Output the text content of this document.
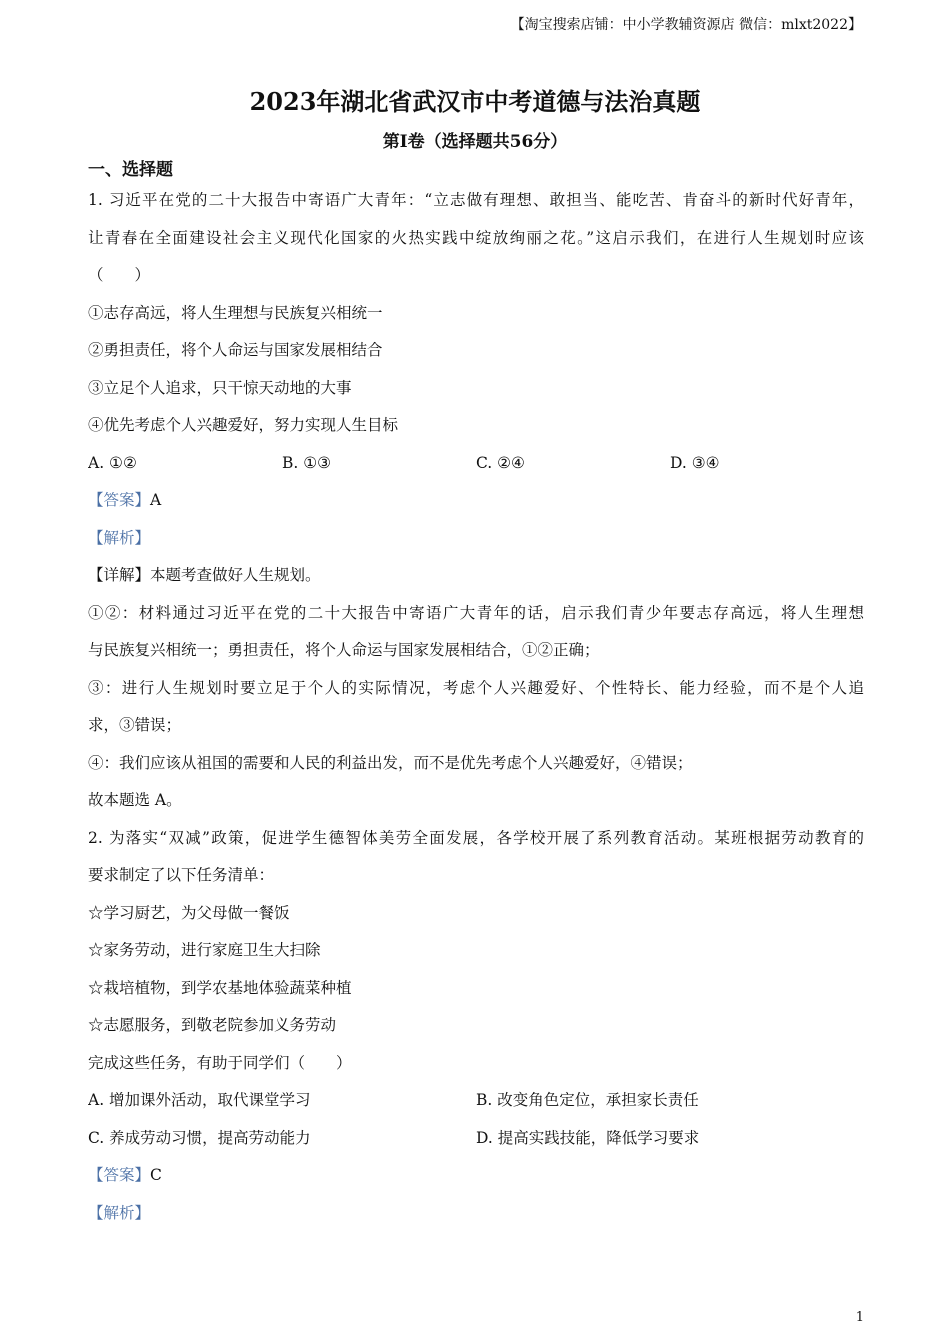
【淘宝搜索店铺：中小学教辅资源店 微信：mlxt2022】
2023年湖北省武汉市中考道德与法治真题
第I卷（选择题共56分）
一、选择题
1. 习近平在党的二十大报告中寄语广大青年：“立志做有理想、敢担当、能吃苦、肯奋斗的新时代好青年，
让青春在全面建设社会主义现代化国家的火热实践中绽放绚丽之花。”这启示我们，在进行人生规划时应该
（　　）
①志存高远，将人生理想与民族复兴相统一
②勇担责任，将个人命运与国家发展相结合
③立足个人追求，只干惊天动地的大事
④优先考虑个人兴趣爱好，努力实现人生目标
A. ①②	B. ①③	C. ②④	D. ③④
【答案】A
【解析】
【详解】本题考查做好人生规划。
①②：材料通过习近平在党的二十大报告中寄语广大青年的话，启示我们青少年要志存高远，将人生理想
与民族复兴相统一；勇担责任，将个人命运与国家发展相结合，①②正确；
③：进行人生规划时要立足于个人的实际情况，考虑个人兴趣爱好、个性特长、能力经验，而不是个人追
求，③错误；
④：我们应该从祖国的需要和人民的利益出发，而不是优先考虑个人兴趣爱好，④错误；
故本题选 A。
2. 为落实“双减”政策，促进学生德智体美劳全面发展，各学校开展了系列教育活动。某班根据劳动教育的
要求制定了以下任务清单：
☆学习厨艺，为父母做一餐饭
☆家务劳动，进行家庭卫生大扫除
☆栽培植物，到学农基地体验蔬菜种植
☆志愿服务，到敬老院参加义务劳动
完成这些任务，有助于同学们（　　）
A. 增加课外活动，取代课堂学习	B. 改变角色定位，承担家长责任
C. 养成劳动习惯，提高劳动能力	D. 提高实践技能，降低学习要求
【答案】C
【解析】
1
